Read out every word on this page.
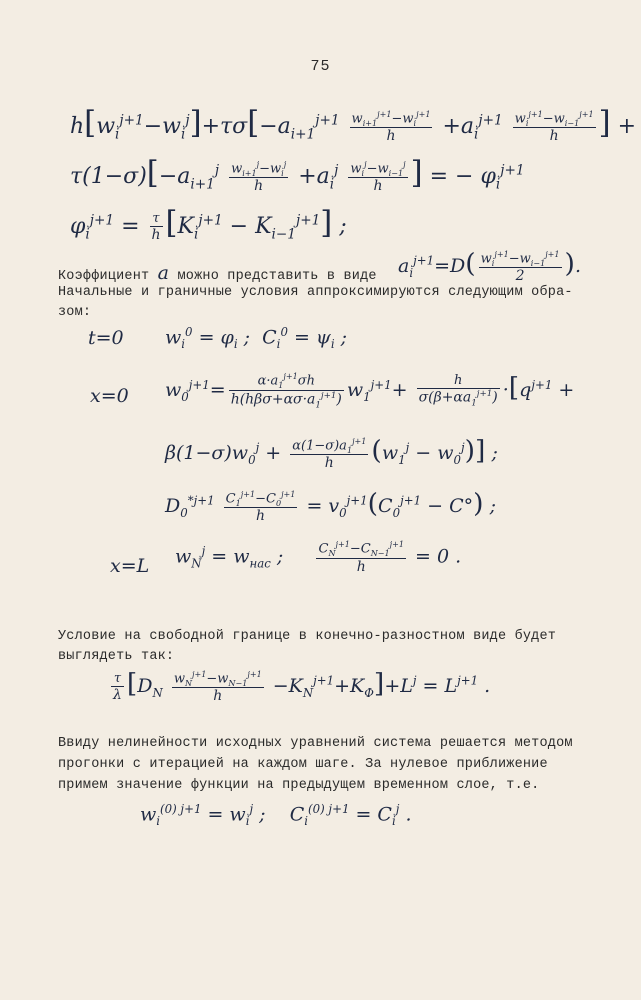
75
$h[w_i^{j+1}-w_i^j]+\tau\sigma[-a_{i+1}^{j+1} \frac{w_{i+1}^{j+1}-w_i^{j+1}}{h} +a_i^{j+1} \frac{w_i^{j+1}-w_{i-1}^{j+1}}{h}$ ] +
$\tau(1-\sigma)[-a_{i+1}^j \frac{w_{i+1}^j-w_i^j}{h} +a_i^j \frac{w_i^j-w_{i-1}^j}{h}$ ] = − $\varphi_i^{j+1}$
$\varphi_i^{j+1} = \frac{\tau}{h} [K_i^{j+1} - K_{i-1}^{j+1}]$ ;
Коэффициент a можно представить в виде $a_i^{j+1}=D( \frac{w_i^{j+1}-w_{i-1}^{j+1}}{2}$ ).
Начальные и граничные условия аппроксимируются следующим обра-
зом:
t=0 $w_i^0 = \varphi_i$ ;  $C_i^0 = \psi_i$ ;
x=0 $w_0^{j+1}= \frac{\alpha\cdot a_1^{j+1}\sigma h}{h(h\beta\sigma+\alpha\sigma\cdot a_1^{j+1})} w_1^{j+1}+ \frac{h}{\sigma(\beta+\alpha a_1^{j+1})} \cdot[q^{j+1}$ +
$\beta(1-\sigma)w_0^j + \frac{\alpha(1-\sigma)a_1^{j+1}}{h} (w_1^j - w_0^j)$] ;
$D_0^{*j+1} \frac{C_1^{j+1}-C_0^{j+1}}{h} = v_0^{j+1}(C_0^{j+1} - C^\circ)$ ;
x=L $w_N^j = w_{нас}$ ; $\frac{C_N^{j+1}-C_{N-1}^{j+1}}{h} = 0$ .
Условие на свободной границе в конечно-разностном виде будет
выглядеть так:
$\frac{\tau}{\lambda} [D_N \frac{w_N^{j+1}-w_{N-1}^{j+1}}{h} -K_N^{j+1}+K_\Phi]+L^j = L^{j+1}$ .
Ввиду нелинейности исходных уравнений система решается методом
прогонки с итерацией на каждом шаге. За нулевое приближение
примем значение функции на предыдущем временном слое, т.е.
$w_i^{(0) j+1} = w_i^j$ ;    $C_i^{(0) j+1} = C_i^j$ .
